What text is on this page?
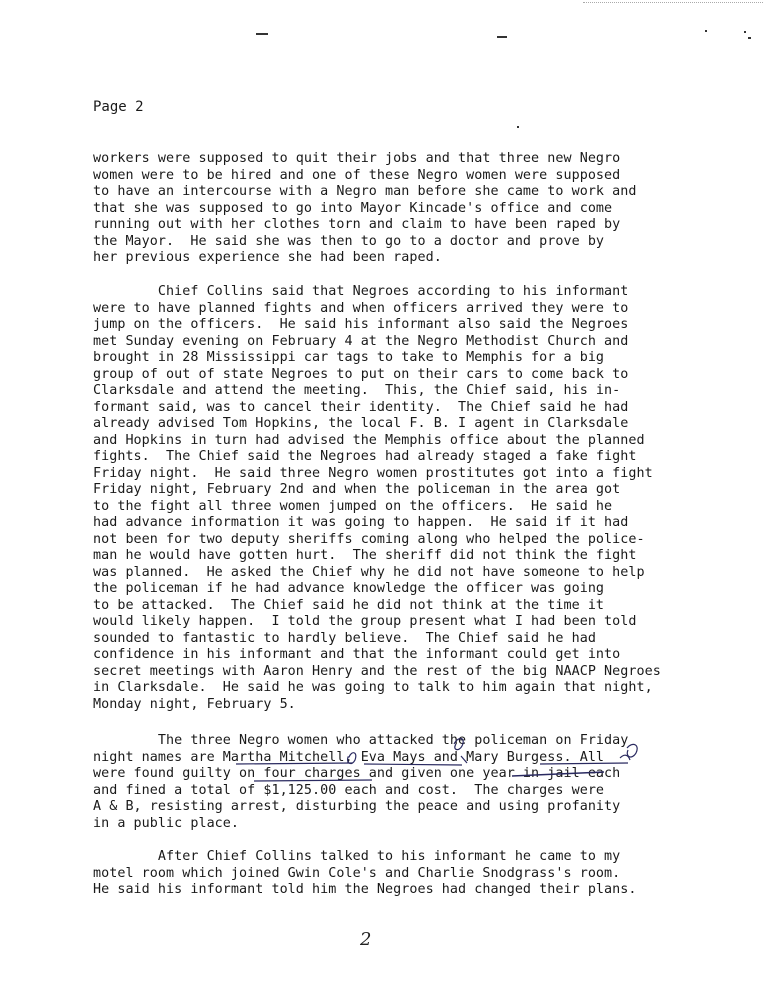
Page 2
workers were supposed to quit their jobs and that three new Negro
women were to be hired and one of these Negro women were supposed
to have an intercourse with a Negro man before she came to work and
that she was supposed to go into Mayor Kincade's office and come
running out with her clothes torn and claim to have been raped by
the Mayor.  He said she was then to go to a doctor and prove by
her previous experience she had been raped.
Chief Collins said that Negroes according to his informant
were to have planned fights and when officers arrived they were to
jump on the officers.  He said his informant also said the Negroes
met Sunday evening on February 4 at the Negro Methodist Church and
brought in 28 Mississippi car tags to take to Memphis for a big
group of out of state Negroes to put on their cars to come back to
Clarksdale and attend the meeting.  This, the Chief said, his in-
formant said, was to cancel their identity.  The Chief said he had
already advised Tom Hopkins, the local F. B. I agent in Clarksdale
and Hopkins in turn had advised the Memphis office about the planned
fights.  The Chief said the Negroes had already staged a fake fight
Friday night.  He said three Negro women prostitutes got into a fight
Friday night, February 2nd and when the policeman in the area got
to the fight all three women jumped on the officers.  He said he
had advance information it was going to happen.  He said if it had
not been for two deputy sheriffs coming along who helped the police-
man he would have gotten hurt.  The sheriff did not think the fight
was planned.  He asked the Chief why he did not have someone to help
the policeman if he had advance knowledge the officer was going
to be attacked.  The Chief said he did not think at the time it
would likely happen.  I told the group present what I had been told
sounded to fantastic to hardly believe.  The Chief said he had
confidence in his informant and that the informant could get into
secret meetings with Aaron Henry and the rest of the big NAACP Negroes
in Clarksdale.  He said he was going to talk to him again that night,
Monday night, February 5.
The three Negro women who attacked the policeman on Friday
night names are Martha Mitchell, Eva Mays and Mary Burgess. All
were found guilty on four charges and given one year in jail each
and fined a total of $1,125.00 each and cost.  The charges were
A & B, resisting arrest, disturbing the peace and using profanity
in a public place.
After Chief Collins talked to his informant he came to my
motel room which joined Gwin Cole's and Charlie Snodgrass's room.
He said his informant told him the Negroes had changed their plans.
2
